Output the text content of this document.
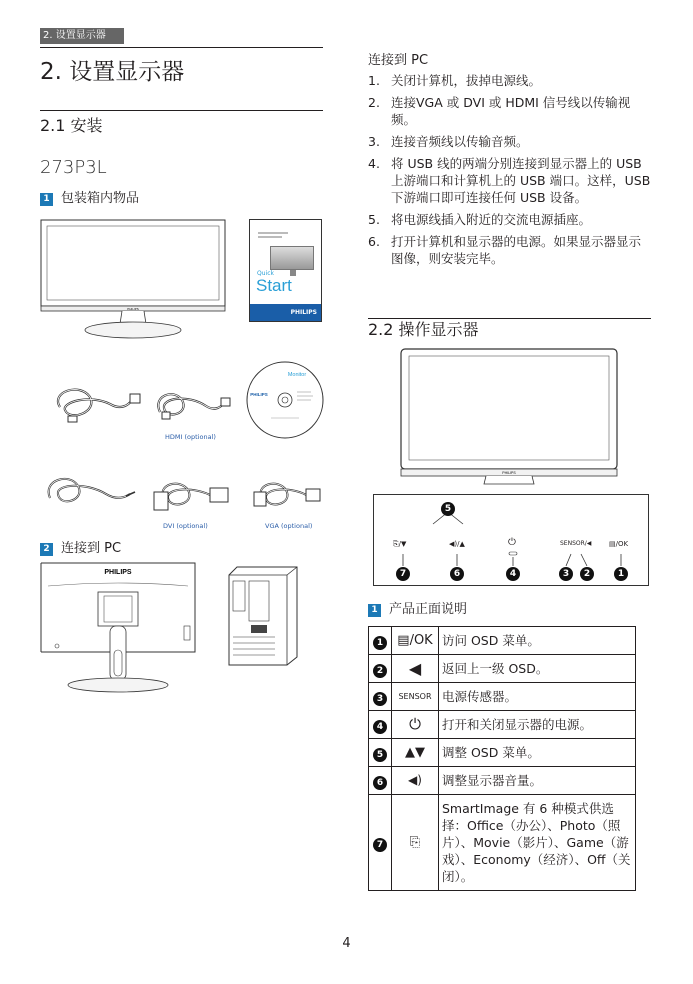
2. 设置显示器
2. 设置显示器
2.1 安装
273P3L
1 包装箱内物品
PHILIPS
Quick
Start
PHILIPS
HDMI (optional)
Monitor
PHILIPS
DVI (optional)	VGA (optional)
2 连接到 PC
PHILIPS
连接到 PC
1. 关闭计算机，拔掉电源线。
2. 连接VGA 或 DVI 或 HDMI 信号线以传输视频。
3. 连接音频线以传输音频。
4. 将 USB 线的两端分别连接到显示器上的 USB 上游端口和计算机上的 USB 端口。这样，USB 下游端口即可连接任何 USB 设备。
5. 将电源线插入附近的交流电源插座。
6. 打开计算机和显示器的电源。如果显示器显示图像，则安装完毕。
2.2 操作显示器
PHILIPS
5
⎘/▼	◀)/▲	⏻	SENSOR/◀	▤/OK
7	6	4	3	2	1
1 产品正面说明
1	▤/OK	访问 OSD 菜单。
2	◀	返回上一级 OSD。
3	SENSOR	电源传感器。
4	⏻	打开和关闭显示器的电源。
5	▲▼	调整 OSD 菜单。
6	◀)	调整显示器音量。
7	⎘	SmartImage 有 6 种模式供选择：Office（办公）、Photo（照片）、Movie（影片）、Game（游戏）、Economy（经济）、Off（关闭）。
4
